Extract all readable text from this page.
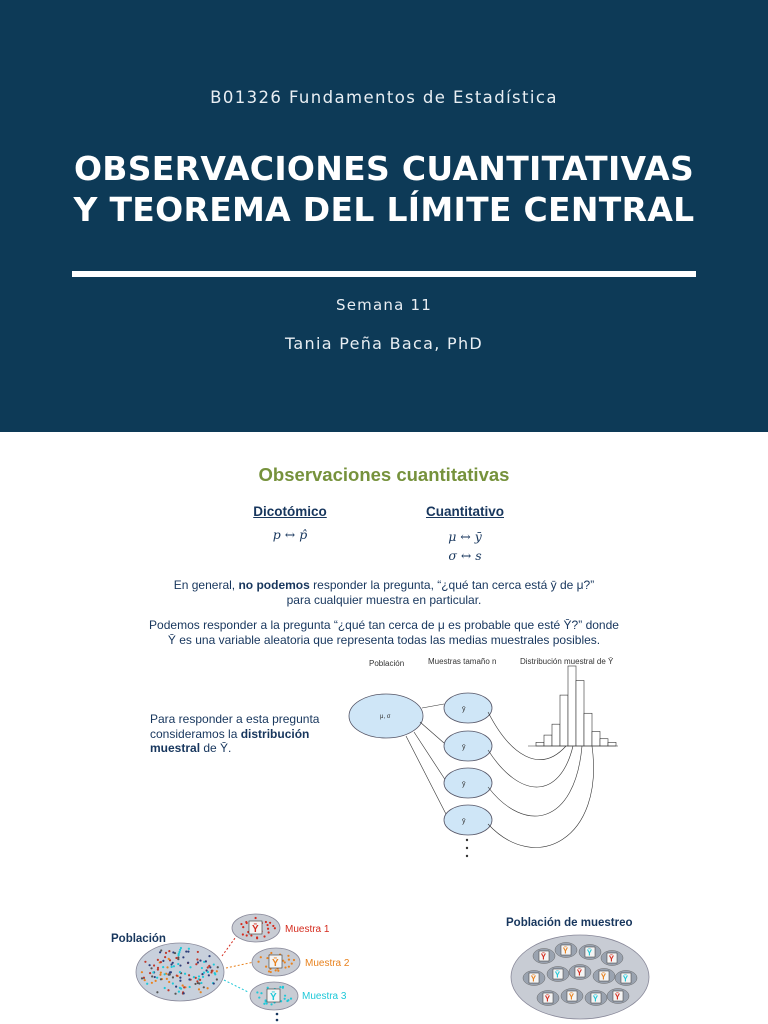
B01326 Fundamentos de Estadística
OBSERVACIONES CUANTITATIVAS
Y TEOREMA DEL LÍMITE CENTRAL
Semana 11
Tania Peña Baca, PhD
Observaciones cuantitativas
Dicotómico
p ↔ p̂
Cuantitativo
μ ↔ ȳ
σ ↔ s
En general, no podemos responder la pregunta, “¿qué tan cerca está ȳ de μ?”
para cualquier muestra en particular.
Podemos responder a la pregunta “¿qué tan cerca de μ es probable que esté Ȳ?” donde
Ȳ es una variable aleatoria que representa todas las medias muestrales posibles.
Para responder a esta pregunta consideramos la distribución muestral de Ȳ.
Población	Muestras tamaño n	Distribución muestral de Ȳ
μ, σ
ȳ
ȳ
ȳ
ȳ
Población
Población de muestreo
Ȳ
Ȳ
Ȳ
Muestra 1
Muestra 2
Muestra 3
Ȳ
Ȳ Ȳ
Ȳ
Ȳ Ȳ Ȳ Ȳ Ȳ
Ȳ Ȳ Ȳ Ȳ
